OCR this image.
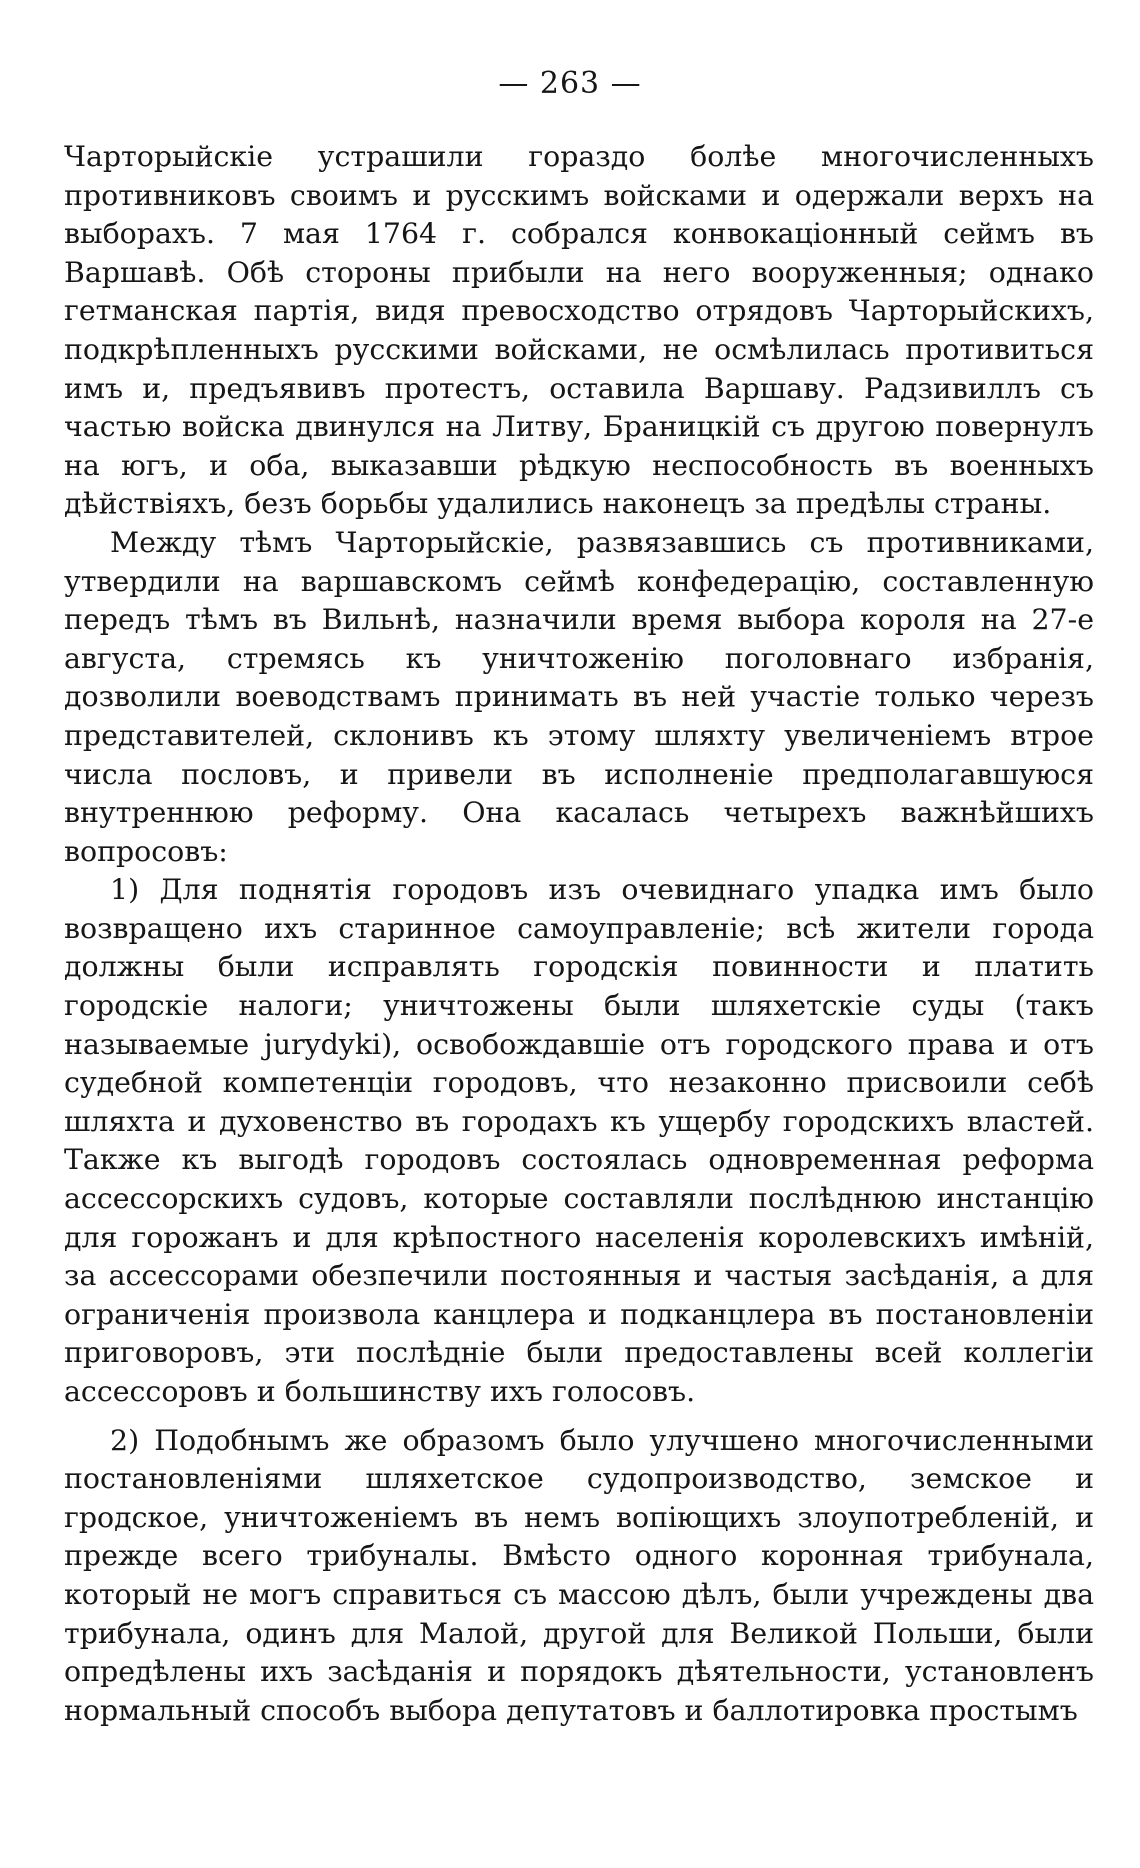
— 263 —

Чарторыйскіе устрашили гораздо болѣе многочисленныхъ противниковъ своимъ и русскимъ войсками и одержали верхъ на выборахъ. 7 мая 1764 г. собрался конвокаціонный сеймъ въ Варшавѣ. Обѣ стороны прибыли на него вооруженныя; однако гетманская партія, видя превосходство отрядовъ Чарторыйскихъ, подкрѣпленныхъ русскими войсками, не осмѣлилась противиться имъ и, предъявивъ протестъ, оставила Варшаву. Радзивиллъ съ частью войска двинулся на Литву, Браницкій съ другою повернулъ на югъ, и оба, выказавши рѣдкую неспособность въ военныхъ дѣйствіяхъ, безъ борьбы удалились наконецъ за предѣлы страны.

Между тѣмъ Чарторыйскіе, развязавшись съ противниками, утвердили на варшавскомъ сеймѣ конфедерацію, составленную передъ тѣмъ въ Вильнѣ, назначили время выбора короля на 27-е августа, стремясь къ уничтоженію поголовнаго избранія, дозволили воеводствамъ принимать въ ней участіе только черезъ представителей, склонивъ къ этому шляхту увеличеніемъ втрое числа пословъ, и привели въ исполненіе предполагавшуюся внутреннюю реформу. Она касалась четырехъ важнѣйшихъ вопросовъ:

1) Для поднятія городовъ изъ очевиднаго упадка имъ было возвращено ихъ старинное самоуправленіе; всѣ жители города должны были исправлять городскія повинности и платить городскіе налоги; уничтожены были шляхетскіе суды (такъ называемые jurydyki), освобождавшіе отъ городского права и отъ судебной компетенціи городовъ, что незаконно присвоили себѣ шляхта и духовенство въ городахъ къ ущербу городскихъ властей. Также къ выгодѣ городовъ состоялась одновременная реформа ассессорскихъ судовъ, которые составляли послѣднюю инстанцію для горожанъ и для крѣпостного населенія королевскихъ имѣній, за ассессорами обезпечили постоянныя и частыя засѣданія, а для ограниченія произвола канцлера и подканцлера въ постановленіи приговоровъ, эти послѣдніе были предоставлены всей коллегіи ассессоровъ и большинству ихъ голосовъ.

2) Подобнымъ же образомъ было улучшено многочисленными постановленіями шляхетское судопроизводство, земское и гродское, уничтоженіемъ въ немъ вопіющихъ злоупотребленій, и прежде всего трибуналы. Вмѣсто одного коронная трибунала, который не могъ справиться съ массою дѣлъ, были учреждены два трибунала, одинъ для Малой, другой для Великой Польши, были опредѣлены ихъ засѣданія и порядокъ дѣятельности, установленъ нормальный способъ выбора депутатовъ и баллотировка простымъ
